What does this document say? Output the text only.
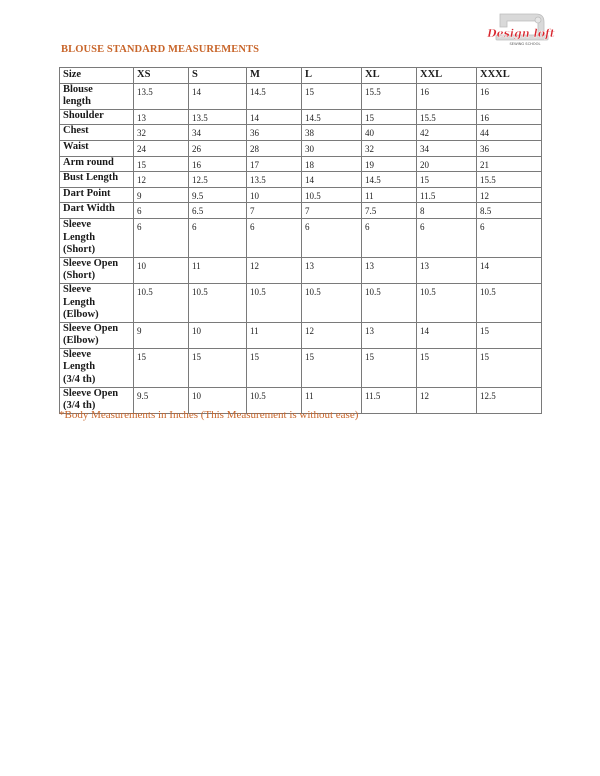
Design loft
SEWING SCHOOL
BLOUSE STANDARD MEASUREMENTS
Size	XS	S	M	L	XL	XXL	XXXL
Blouse
length	13.5	14	14.5	15	15.5	16	16
Shoulder	13	13.5	14	14.5	15	15.5	16
Chest	32	34	36	38	40	42	44
Waist	24	26	28	30	32	34	36
Arm round	15	16	17	18	19	20	21
Bust Length	12	12.5	13.5	14	14.5	15	15.5
Dart Point	9	9.5	10	10.5	11	11.5	12
Dart Width	6	6.5	7	7	7.5	8	8.5
Sleeve
Length
(Short)	6	6	6	6	6	6	6
Sleeve Open
(Short)	10	11	12	13	13	13	14
Sleeve
Length
(Elbow)	10.5	10.5	10.5	10.5	10.5	10.5	10.5
Sleeve Open
(Elbow)	9	10	11	12	13	14	15
Sleeve
Length
(3/4 th)	15	15	15	15	15	15	15
Sleeve Open
(3/4 th)	9.5	10	10.5	11	11.5	12	12.5

*Body Measurements in Inches (This Measurement is without ease)
